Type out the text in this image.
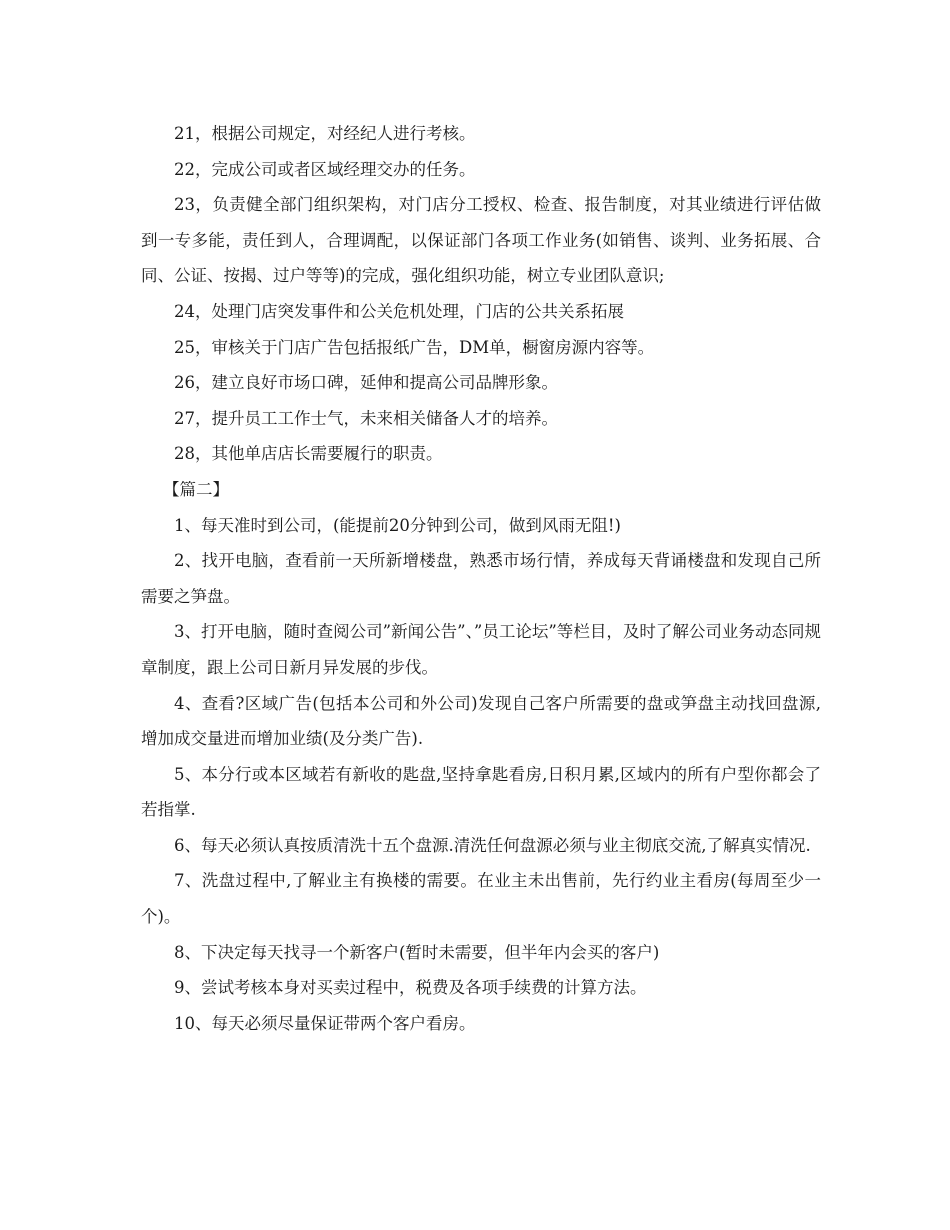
21，根据公司规定，对经纪人进行考核。

22，完成公司或者区域经理交办的任务。

23，负责健全部门组织架构，对门店分工授权、检查、报告制度，对其业绩进行评估做到一专多能，责任到人，合理调配，以保证部门各项工作业务(如销售、谈判、业务拓展、合同、公证、按揭、过户等等)的完成，强化组织功能，树立专业团队意识;

24，处理门店突发事件和公关危机处理，门店的公共关系拓展

25，审核关于门店广告包括报纸广告，DM单，橱窗房源内容等。

26，建立良好市场口碑，延伸和提高公司品牌形象。

27，提升员工工作士气，未来相关储备人才的培养。

28，其他单店店长需要履行的职责。

【篇二】

1、每天准时到公司，(能提前20分钟到公司，做到风雨无阻!)

2、找开电脑，查看前一天所新增楼盘，熟悉市场行情，养成每天背诵楼盘和发现自己所需要之笋盘。

3、打开电脑，随时查阅公司”新闻公告”、”员工论坛”等栏目，及时了解公司业务动态同规章制度，跟上公司日新月异发展的步伐。

4、查看?区域广告(包括本公司和外公司)发现自己客户所需要的盘或笋盘主动找回盘源,增加成交量进而增加业绩(及分类广告).

5、本分行或本区域若有新收的匙盘,坚持拿匙看房,日积月累,区域内的所有户型你都会了若指掌.

6、每天必须认真按质清洗十五个盘源.清洗任何盘源必须与业主彻底交流,了解真实情况.

7、洗盘过程中,了解业主有换楼的需要。在业主未出售前，先行约业主看房(每周至少一个)。

8、下决定每天找寻一个新客户(暂时未需要，但半年内会买的客户)

9、尝试考核本身对买卖过程中，税费及各项手续费的计算方法。

10、每天必须尽量保证带两个客户看房。
